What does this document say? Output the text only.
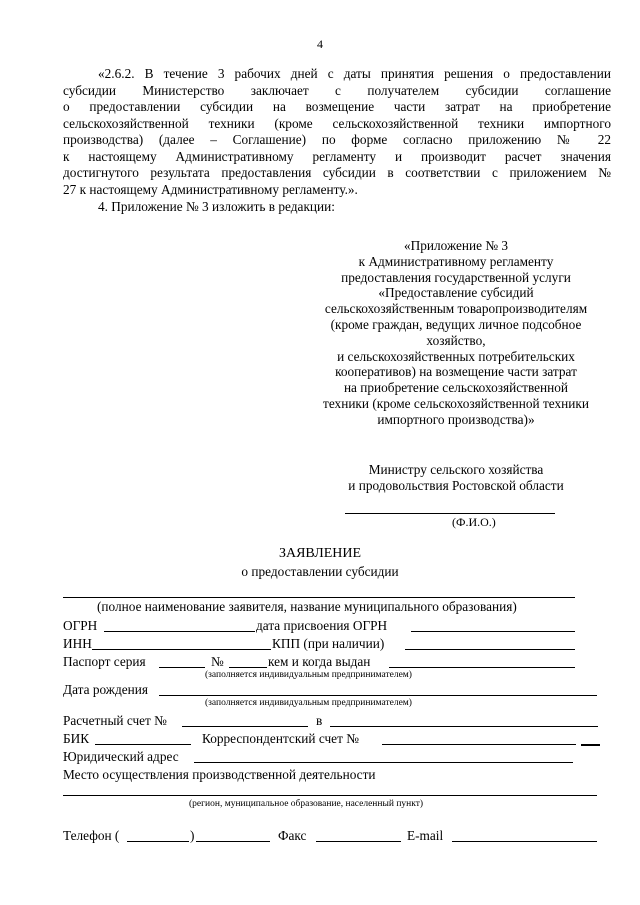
4
«2.6.2. В течение 3 рабочих дней с даты принятия решения о предоставлении
субсидии Министерство заключает с получателем субсидии соглашение
о предоставлении субсидии на возмещение части затрат на приобретение
сельскохозяйственной техники (кроме сельскохозяйственной техники импортного
производства) (далее – Соглашение) по форме согласно приложению № 22
к настоящему Административному регламенту и производит расчет значения
достигнутого результата предоставления субсидии в соответствии с приложением №
27 к настоящему Административному регламенту.».
4. Приложение № 3 изложить в редакции:
«Приложение № 3
к Административному регламенту
предоставления государственной услуги
«Предоставление субсидий
сельскохозяйственным товаропроизводителям
(кроме граждан, ведущих личное подсобное
хозяйство,
и сельскохозяйственных потребительских
кооперативов) на возмещение части затрат
на приобретение сельскохозяйственной
техники (кроме сельскохозяйственной техники
импортного производства)»
Министру сельского хозяйства
и продовольствия Ростовской области
(Ф.И.О.)
ЗАЯВЛЕНИЕ
о предоставлении субсидии
(полное наименование заявителя, название муниципального образования)
ОГРН	дата присвоения ОГРН
ИНН	КПП (при наличии)
Паспорт серия	№	кем и когда выдан
(заполняется индивидуальным предпринимателем)
Дата рождения
(заполняется индивидуальным предпринимателем)
Расчетный счет №	в
БИК	Корреспондентский счет №
Юридический адрес
Место осуществления производственной деятельности
(регион, муниципальное образование, населенный пункт)
Телефон (	)	Факс	E-mail
